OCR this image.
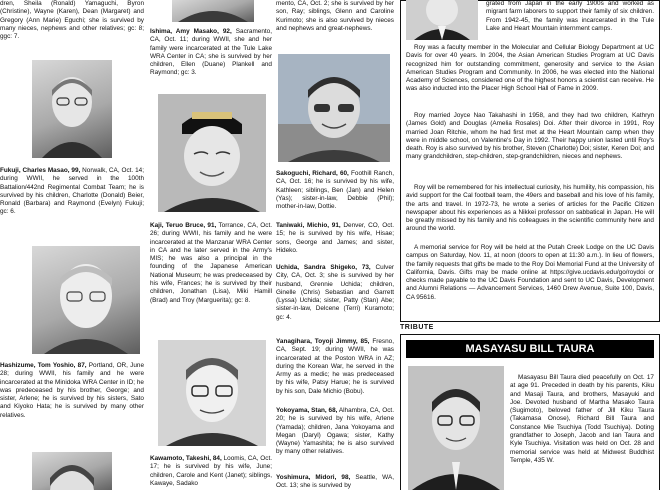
dren, Sheila (Ronald) Yamaguchi, Byron (Christine), Wayne (Karen), Dean (Margaret) and Gregory (Ann Marie) Eguchi; she is survived by many nieces, nephews and other relatives; gc: 8; ggc: 7.

Fukuji, Charles Masao, 99, Norwalk, CA, Oct. 14; during WWII, he served in the 100th Battalion/442nd Regimental Combat Team; he is survived by his children, Charlotte (Donald) Beier, Ronald (Barbara) and Raymond (Evelyn) Fukuji; gc: 6.

Hashizume, Tom Yoshio, 87, Portland, OR, June 28; during WWII, his family and he were incarcerated at the Minidoka WRA Center in ID; he was predeceased by his brother, George; and sister, Arlene; he is survived by his sisters, Sato and Kiyoko Hata; he is survived by many other relatives.

Ishima, Amy Masako, 92, Sacramento, CA, Oct. 11; during WWII, she and her family were incarcerated at the Tule Lake WRA Center in CA; she is survived by her children, Ellen (Duane) Plankell and Raymond; gc: 3.

Kaji, Teruo Bruce, 91, Torrance, CA, Oct. 26; during WWII, his family and he were incarcerated at the Manzanar WRA Center in CA and he later served in the Army's MIS; he was also a principal in the founding of the Japanese American National Museum; he was predeceased by his wife, Frances; he is survived by their children, Jonathan (Lisa), Miki Hamill (Brad) and Troy (Marguerita); gc: 8.

Kawamoto, Takeshi, 84, Loomis, CA, Oct. 17; he is survived by his wife, June; children, Carole and Kent (Janet); siblings, Kawaye, Sadako

mento, CA, Oct. 2; she is survived by her son, Ray; siblings, Glenn and Caroline Kurimoto; she is also survived by nieces and nephews and great-nephews.

Sakoguchi, Richard, 60, Foothill Ranch, CA, Oct. 16; he is survived by his wife, Kathleen; siblings, Ben (Jan) and Helen (Yas); sister-in-law, Debbie (Phil); mother-in-law, Dottie.

Taniwaki, Michio, 91, Denver, CO, Oct. 15; he is survived by his wife, Hisae; sons, George and James; and sister, Hideko.

Uchida, Sandra Shigeko, 73, Culver City, CA, Oct. 3; she is survived by her husband, Grennie Uchida; children, Ginelle (Chris) Sebastian and Garrett (Lyssa) Uchida; sister, Patty (Stan) Abe; sister-in-law, Delcene (Terri) Kuramoto; gc: 4.

Yanagihara, Toyoji Jimmy, 85, Fresno, CA, Sept. 19; during WWII, he was incarcerated at the Poston WRA in AZ; during the Korean War, he served in the Army as a medic; he was predeceased by his wife, Patsy Harue; he is survived by his son, Dale Michio (Bobu).

Yokoyama, Stan, 68, Alhambra, CA, Oct. 20; he is survived by his wife, Arlene (Yamada); children, Jana Yokoyama and Megan (Daryl) Ogawa; sister, Kathy (Wayne) Yamashita; he is also survived by many other relatives.

Yoshimura, Midori, 98, Seattle, WA, Oct. 13; she is survived by

grated from Japan in the early 1900s and worked as migrant farm laborers to support their family of six children. From 1942-45, the family was incarcerated in the Tule Lake and Heart Mountain internment camps.

Roy was a faculty member in the Molecular and Cellular Biology Department at UC Davis for over 40 years. In 2004, the Asian American Studies Program at UC Davis recognized him for outstanding commitment, generosity and service to the Asian American Studies Program and Community. In 2006, he was elected into the National Academy of Sciences, considered one of the highest honors a scientist can receive. He was also inducted into the Placer High School Hall of Fame in 2009.

Roy married Joyce Nao Takahashi in 1958, and they had two children, Kathryn (James Gold) and Douglas (Amelia Rosales) Doi. After their divorce in 1991, Roy married Joan Ritchie, whom he had first met at the Heart Mountain camp when they were in middle school, on Valentine's Day in 1992. Their happy union lasted until Roy's death. Roy is also survived by his brother, Steven (Charlotte) Doi; sister, Keren Doi; and many grandchildren, step-children, step-grandchildren, nieces and nephews.

Roy will be remembered for his intellectual curiosity, his humility, his compassion, his avid support for the Cal football team, the 49ers and baseball and his love of his family, the arts and travel. In 1972-73, he wrote a series of articles for the Pacific Citizen newspaper about his experiences as a Nikkei professor on sabbatical in Japan. He will be greatly missed by his family and his colleagues in the scientific community here and around the world.

A memorial service for Roy will be held at the Putah Creek Lodge on the UC Davis campus on Saturday, Nov. 11, at noon (doors to open at 11:30 a.m.). In lieu of flowers, the family requests that gifts be made to the Roy Doi Memorial Fund at the University of California, Davis. Gifts may be made online at https://give.ucdavis.edu/go/roydoi or checks made payable to the UC Davis Foundation and sent to UC Davis, Development and Alumni Relations — Advancement Services, 1460 Drew Avenue, Suite 100, Davis, CA 95616.

TRIBUTE
MASAYASU BILL TAURA

Masayasu Bill Taura died peacefully on Oct. 17 at age 91. Preceded in death by his parents, Kiku and Masaji Taura, and brothers, Masayuki and Joe. Devoted husband of Martha Masako Taura (Sugimoto), beloved father of Jill Kiku Taura (Takamasa Onose), Richard Bill Taura and Constance Mie Tsuchiya (Todd Tsuchiya). Doting grandfather to Joseph, Jacob and Ian Taura and Kyle Tsuchiya. Visitation was held on Oct. 28 and memorial service was held at Midwest Buddhist Temple, 435 W.
